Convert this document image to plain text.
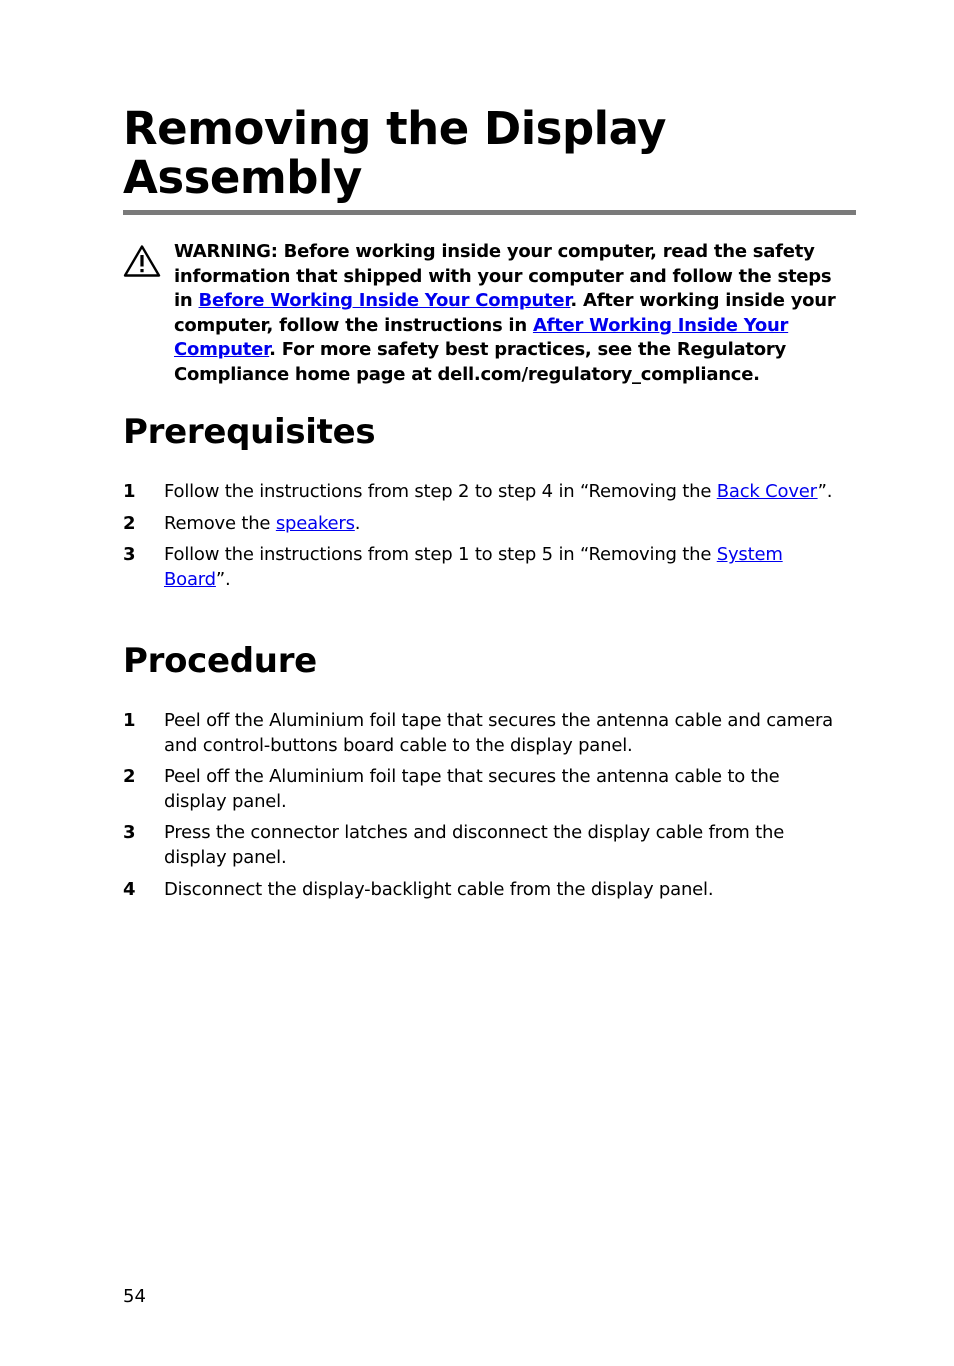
Removing the Display Assembly
WARNING: Before working inside your computer, read the safety information that shipped with your computer and follow the steps in Before Working Inside Your Computer. After working inside your computer, follow the instructions in After Working Inside Your Computer. For more safety best practices, see the Regulatory Compliance home page at dell.com/regulatory_compliance.
Prerequisites
1 Follow the instructions from step 2 to step 4 in “Removing the Back Cover”.
2 Remove the speakers.
3 Follow the instructions from step 1 to step 5 in “Removing the System Board”.
Procedure
1 Peel off the Aluminium foil tape that secures the antenna cable and camera and control-buttons board cable to the display panel.
2 Peel off the Aluminium foil tape that secures the antenna cable to the display panel.
3 Press the connector latches and disconnect the display cable from the display panel.
4 Disconnect the display-backlight cable from the display panel.
54
